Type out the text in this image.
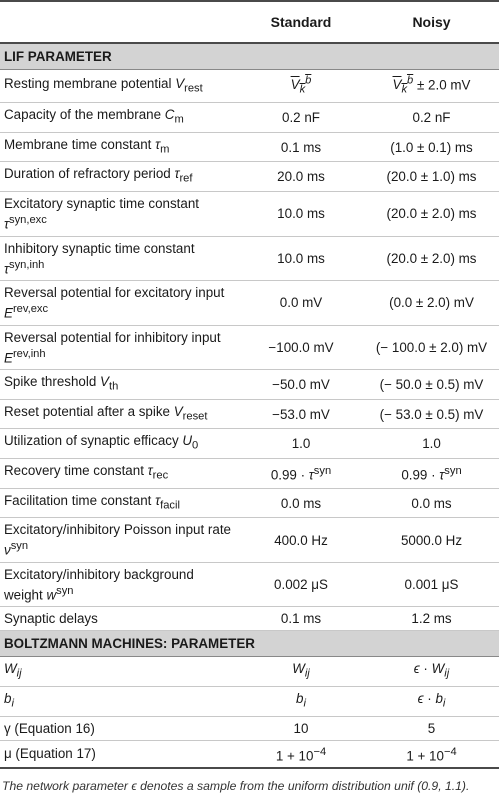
	Standard	Noisy
LIF PARAMETER		
Resting membrane potential $V_{rest}$	$V_k^b$	$V_k^b \pm 2.0$ mV
Capacity of the membrane $C_m$	0.2 nF	0.2 nF
Membrane time constant $\tau_m$	0.1 ms	(1.0 ± 0.1) ms
Duration of refractory period $\tau_{ref}$	20.0 ms	(20.0 ± 1.0) ms
Excitatory synaptic time constant $\tau^{syn,exc}$	10.0 ms	(20.0 ± 2.0) ms
Inhibitory synaptic time constant $\tau^{syn,inh}$	10.0 ms	(20.0 ± 2.0) ms
Reversal potential for excitatory input $E^{rev,exc}$	0.0 mV	(0.0 ± 2.0) mV
Reversal potential for inhibitory input $E^{rev,inh}$	−100.0 mV	(− 100.0 ± 2.0) mV
Spike threshold $V_{th}$	−50.0 mV	(− 50.0 ± 0.5) mV
Reset potential after a spike $V_{reset}$	−53.0 mV	(− 53.0 ± 0.5) mV
Utilization of synaptic efficacy $U_0$	1.0	1.0
Recovery time constant $\tau_{rec}$	$0.99 \cdot \tau^{syn}$	$0.99 \cdot \tau^{syn}$
Facilitation time constant $\tau_{facil}$	0.0 ms	0.0 ms
Excitatory/inhibitory Poisson input rate $\nu^{syn}$	400.0 Hz	5000.0 Hz
Excitatory/inhibitory background weight $w^{syn}$	0.002 μS	0.001 μS
Synaptic delays	0.1 ms	1.2 ms
BOLTZMANN MACHINES: PARAMETER		
$W_{ij}$	$W_{ij}$	$\epsilon \cdot W_{ij}$
$b_i$	$b_i$	$\epsilon \cdot b_i$
γ (Equation 16)	10	5
μ (Equation 17)	$1 + 10^{-4}$	$1 + 10^{-4}$
The network parameter ϵ denotes a sample from the uniform distribution unif (0.9, 1.1).
